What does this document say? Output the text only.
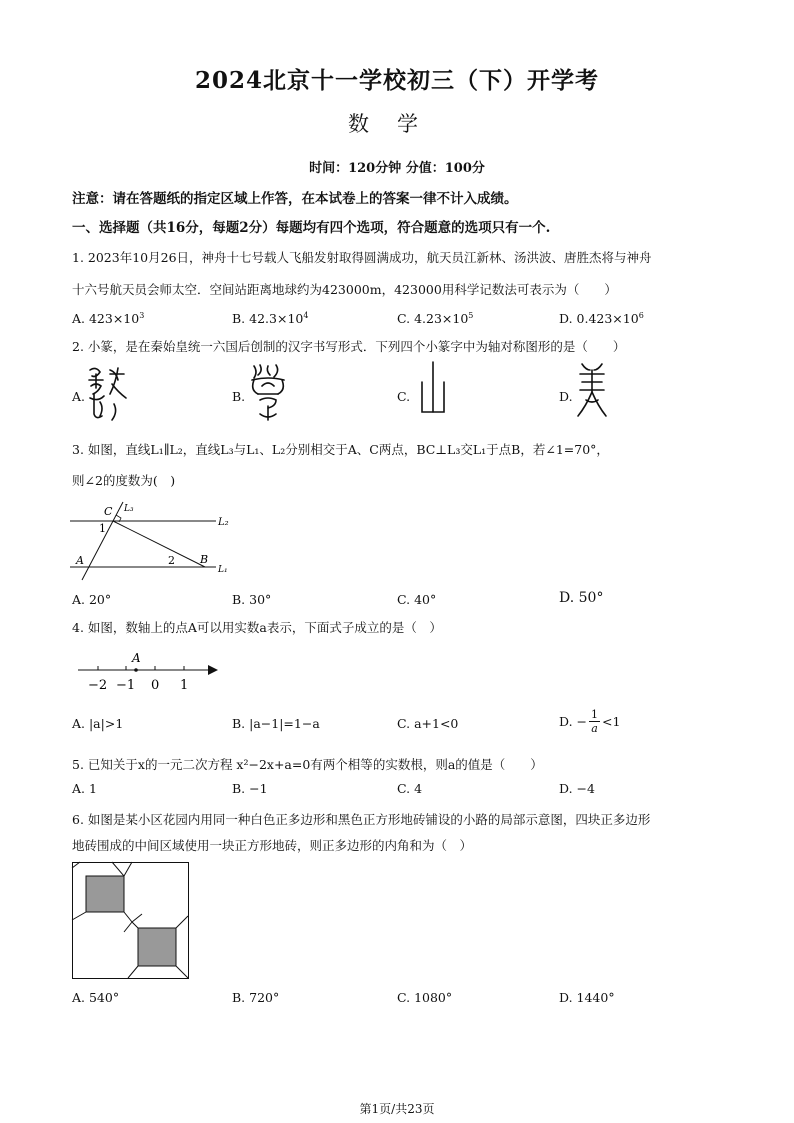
2024北京十一学校初三（下）开学考
数学
时间：120分钟 分值：100分
注意：请在答题纸的指定区域上作答，在本试卷上的答案一律不计入成绩。
一、选择题（共16分，每题2分）每题均有四个选项，符合题意的选项只有一个.
1. 2023年10月26日，神舟十七号载人飞船发射取得圆满成功，航天员江新林、汤洪波、唐胜杰将与神舟
十六号航天员会师太空．空间站距离地球约为423000m，423000用科学记数法可表示为（　　）
A. $423\times 10^3$	B. $42.3\times 10^4$	C. $4.23\times 10^5$	D. $0.423\times 10^6$
2. 小篆，是在秦始皇统一六国后创制的汉字书写形式．下列四个小篆字中为轴对称图形的是（　　）
A.	B.	C.	D.
3. 如图，直线L₁∥L₂，直线L₃与L₁、L₂分别相交于A、C两点，BC⊥L₃交L₁于点B，若∠1=70°，
则∠2的度数为(　)
C L₃
L₂
1
A	2 B
L₁
A. 20°	B. 30°	C. 40°	D. 50°
4. 如图，数轴上的点A可以用实数a表示，下面式子成立的是（　）
A
−2 −1 0 1
A. |a|>1	B. |a−1|=1−a	C. a+1<0	D. − $\frac{1}{a} <1$
5. 已知关于x的一元二次方程 x²−2x+a=0有两个相等的实数根，则a的值是（　　）
A. 1	B. −1	C. 4	D. −4
6. 如图是某小区花园内用同一种白色正多边形和黑色正方形地砖铺设的小路的局部示意图，四块正多边形
地砖围成的中间区域使用一块正方形地砖，则正多边形的内角和为（　）
A. 540°	B. 720°	C. 1080°	D. 1440°
第1页/共23页
